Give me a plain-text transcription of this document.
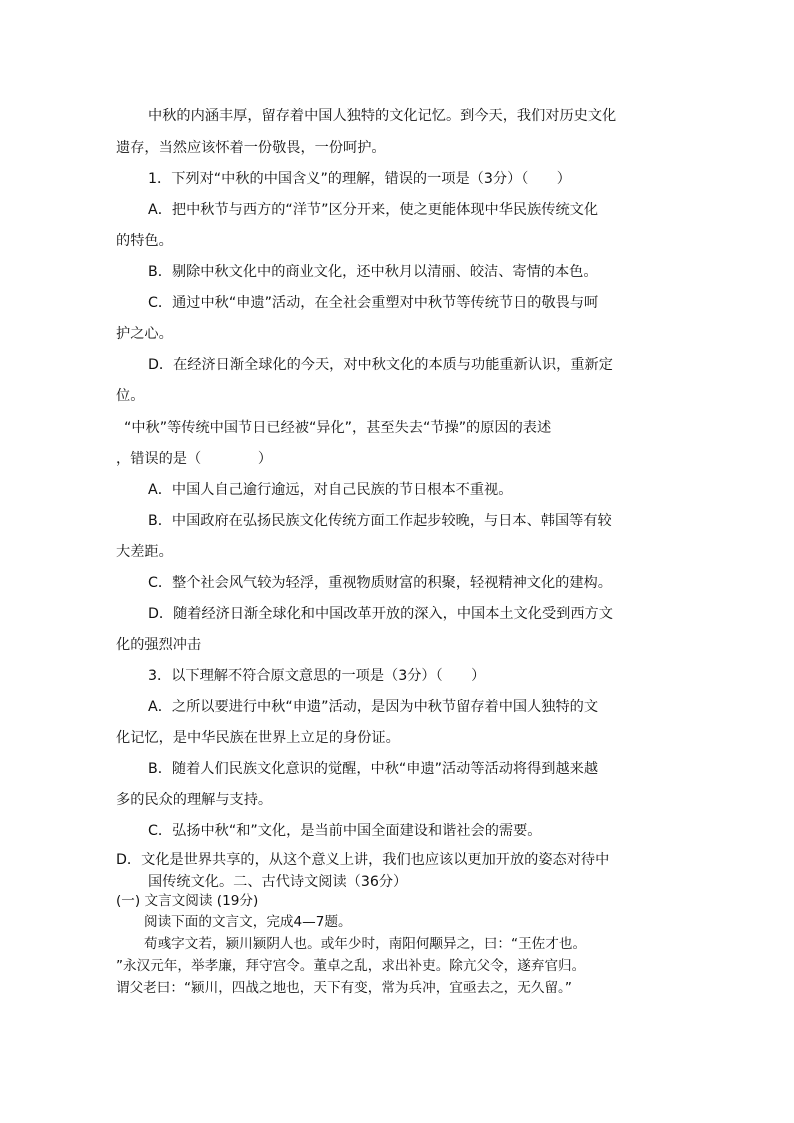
中秋的内涵丰厚，留存着中国人独特的文化记忆。到今天，我们对历史文化

遗存，当然应该怀着一份敬畏，一份呵护。

1．下列对“中秋的中国含义”的理解，错误的一项是（3分）（　　）

A．把中秋节与西方的“洋节”区分开来，使之更能体现中华民族传统文化

的特色。

B．剔除中秋文化中的商业文化，还中秋月以清丽、皎洁、寄情的本色。

C．通过中秋“申遗”活动，在全社会重塑对中秋节等传统节日的敬畏与呵

护之心。

D．在经济日渐全球化的今天，对中秋文化的本质与功能重新认识，重新定

位。

“中秋”等传统中国节日已经被“异化”，甚至失去“节操”的原因的表述

，错误的是（　　　　）

A．中国人自己逾行逾远，对自己民族的节日根本不重视。

B．中国政府在弘扬民族文化传统方面工作起步较晚，与日本、韩国等有较

大差距。

C．整个社会风气较为轻浮，重视物质财富的积聚，轻视精神文化的建构。

D．随着经济日渐全球化和中国改革开放的深入，中国本土文化受到西方文

化的强烈冲击

3．以下理解不符合原文意思的一项是（3分）（　　）

A．之所以要进行中秋“申遗”活动，是因为中秋节留存着中国人独特的文

化记忆，是中华民族在世界上立足的身份证。

B．随着人们民族文化意识的觉醒，中秋“申遗”活动等活动将得到越来越

多的民众的理解与支持。

C．弘扬中秋“和”文化，是当前中国全面建设和谐社会的需要。

D．文化是世界共享的，从这个意义上讲，我们也应该以更加开放的姿态对待中

国传统文化。二、古代诗文阅读（36分）

(一) 文言文阅读 (19分)

阅读下面的文言文，完成4—7题。

荀彧字文若，颍川颍阴人也。或年少时，南阳何颙异之，曰：“王佐才也。

”永汉元年，举孝廉，拜守宫令。董卓之乱，求出补吏。除亢父令，遂弃官归。

谓父老曰：“颍川，四战之地也，天下有变，常为兵冲，宜亟去之，无久留。”
